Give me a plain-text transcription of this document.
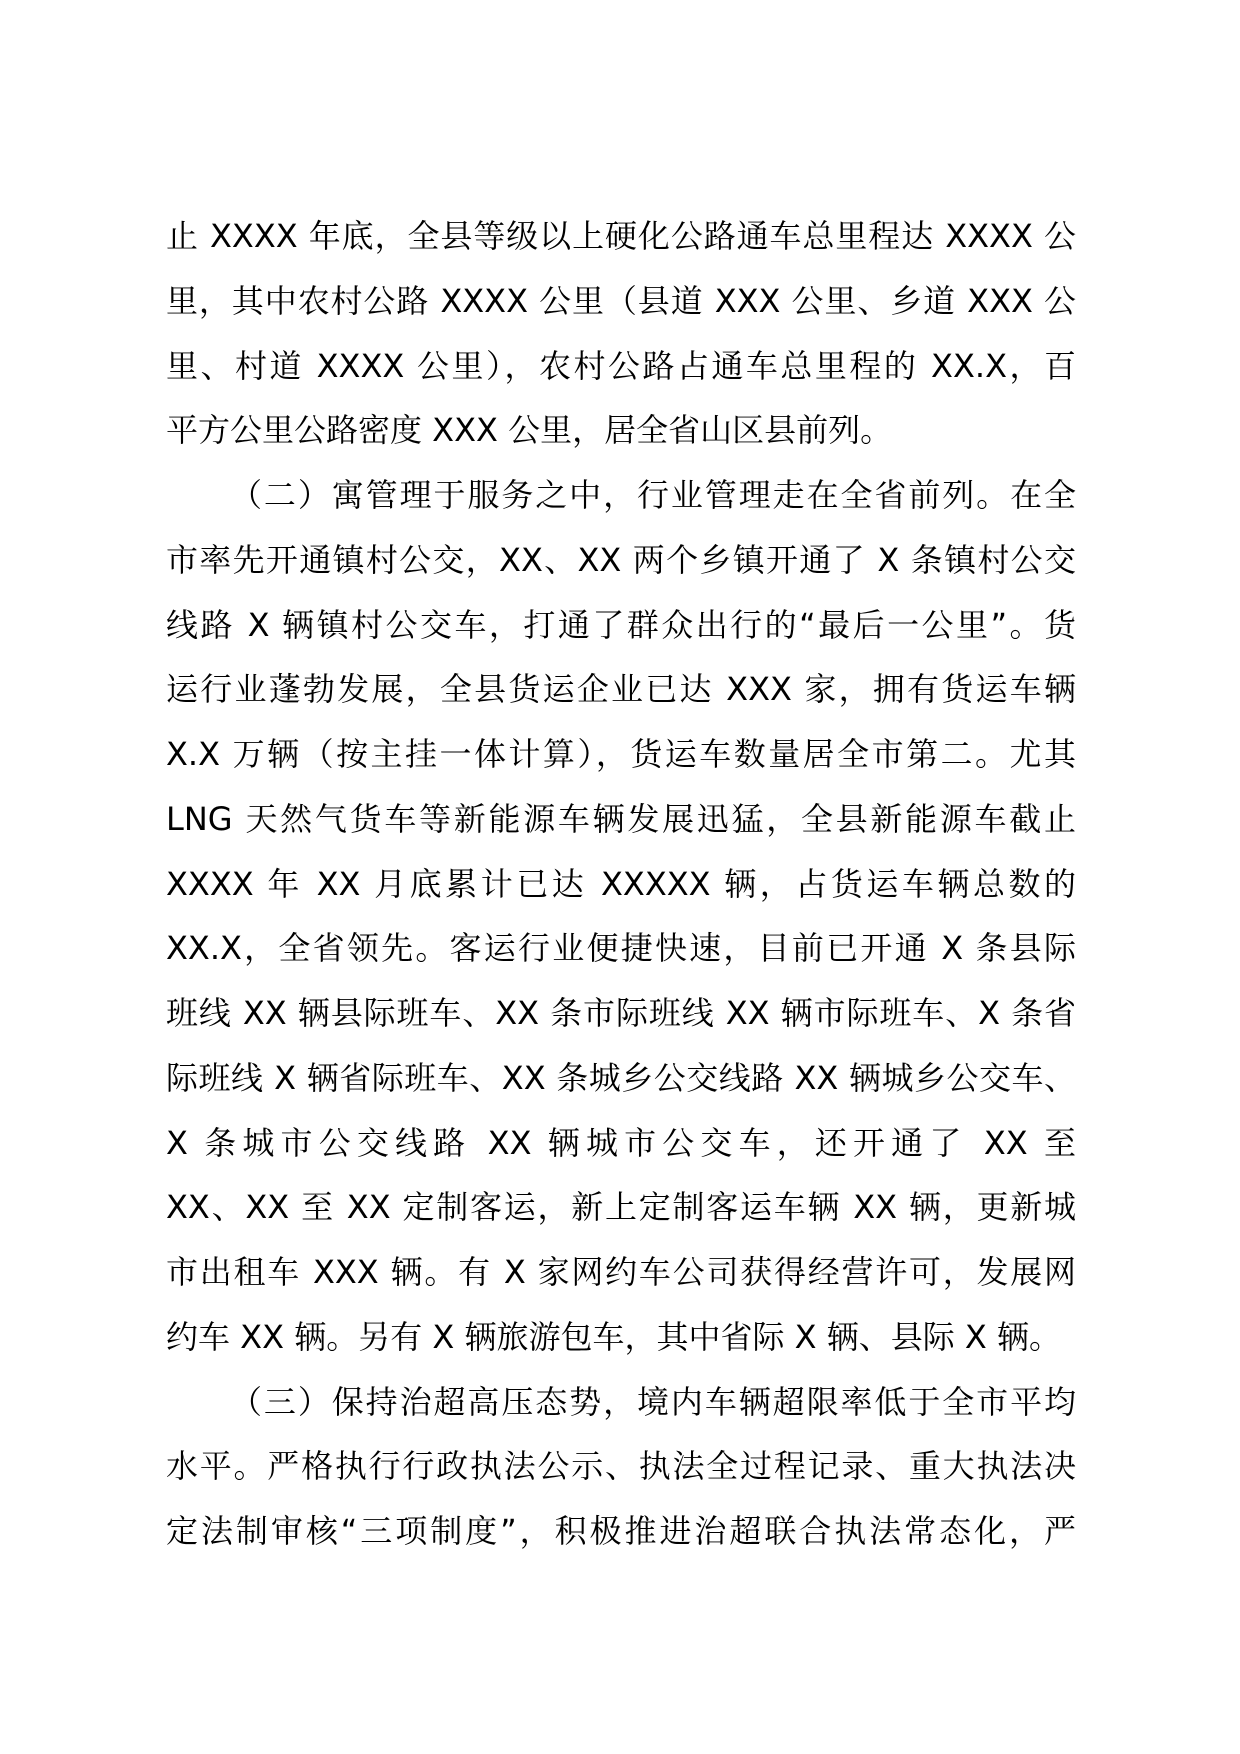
止 XXXX 年底，全县等级以上硬化公路通车总里程达 XXXX 公
里，其中农村公路 XXXX 公里（县道 XXX 公里、乡道 XXX 公
里、村道 XXXX 公里），农村公路占通车总里程的 XX.X，百
平方公里公路密度 XXX 公里，居全省山区县前列。
（二）寓管理于服务之中，行业管理走在全省前列。在全
市率先开通镇村公交，XX、XX 两个乡镇开通了 X 条镇村公交
线路 X 辆镇村公交车，打通了群众出行的“最后一公里”。货
运行业蓬勃发展，全县货运企业已达 XXX 家，拥有货运车辆
X.X 万辆（按主挂一体计算），货运车数量居全市第二。尤其
LNG 天然气货车等新能源车辆发展迅猛，全县新能源车截止
XXXX 年 XX 月底累计已达 XXXXX 辆，占货运车辆总数的
XX.X，全省领先。客运行业便捷快速，目前已开通 X 条县际
班线 XX 辆县际班车、XX 条市际班线 XX 辆市际班车、X 条省
际班线 X 辆省际班车、XX 条城乡公交线路 XX 辆城乡公交车、
X 条城市公交线路 XX 辆城市公交车，还开通了 XX 至
XX、XX 至 XX 定制客运，新上定制客运车辆 XX 辆，更新城
市出租车 XXX 辆。有 X 家网约车公司获得经营许可，发展网
约车 XX 辆。另有 X 辆旅游包车，其中省际 X 辆、县际 X 辆。
（三）保持治超高压态势，境内车辆超限率低于全市平均
水平。严格执行行政执法公示、执法全过程记录、重大执法决
定法制审核“三项制度”，积极推进治超联合执法常态化，严
